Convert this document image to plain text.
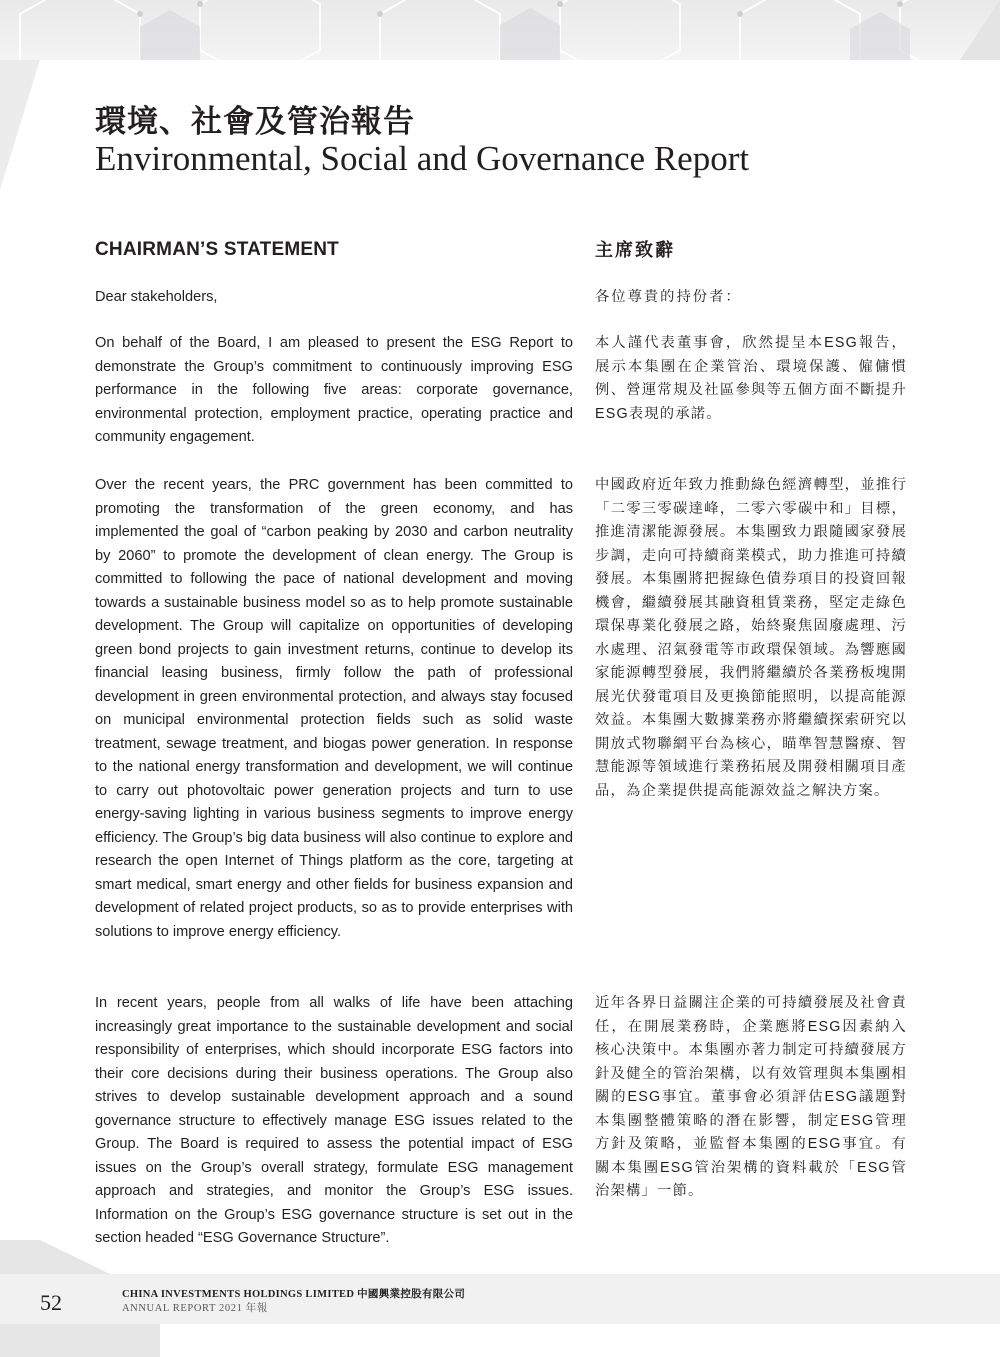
環境、社會及管治報告
Environmental, Social and Governance Report
CHAIRMAN’S STATEMENT

Dear stakeholders,

On behalf of the Board, I am pleased to present the ESG Report to demonstrate the Group’s commitment to continuously improving ESG performance in the following five areas: corporate governance, environmental protection, employment practice, operating practice and community engagement.

Over the recent years, the PRC government has been committed to promoting the transformation of the green economy, and has implemented the goal of “carbon peaking by 2030 and carbon neutrality by 2060” to promote the development of clean energy. The Group is committed to following the pace of national development and moving towards a sustainable business model so as to help promote sustainable development. The Group will capitalize on opportunities of developing green bond projects to gain investment returns, continue to develop its financial leasing business, firmly follow the path of professional development in green environmental protection, and always stay focused on municipal environmental protection fields such as solid waste treatment, sewage treatment, and biogas power generation. In response to the national energy transformation and development, we will continue to carry out photovoltaic power generation projects and turn to use energy-saving lighting in various business segments to improve energy efficiency. The Group’s big data business will also continue to explore and research the open Internet of Things platform as the core, targeting at smart medical, smart energy and other fields for business expansion and development of related project products, so as to provide enterprises with solutions to improve energy efficiency.

In recent years, people from all walks of life have been attaching increasingly great importance to the sustainable development and social responsibility of enterprises, which should incorporate ESG factors into their core decisions during their business operations. The Group also strives to develop sustainable development approach and a sound governance structure to effectively manage ESG issues related to the Group. The Board is required to assess the potential impact of ESG issues on the Group’s overall strategy, formulate ESG management approach and strategies, and monitor the Group’s ESG issues. Information on the Group’s ESG governance structure is set out in the section headed “ESG Governance Structure”.

主席致辭

各位尊貴的持份者：

本人謹代表董事會，欣然提呈本ESG報告，展示本集團在企業管治、環境保護、僱傭慣例、營運常規及社區參與等五個方面不斷提升ESG表現的承諾。

中國政府近年致力推動綠色經濟轉型，並推行「二零三零碳達峰，二零六零碳中和」目標，推進清潔能源發展。本集團致力跟隨國家發展步調，走向可持續商業模式，助力推進可持續發展。本集團將把握綠色債券項目的投資回報機會，繼續發展其融資租賃業務，堅定走綠色環保專業化發展之路，始終聚焦固廢處理、污水處理、沼氣發電等市政環保領域。為響應國家能源轉型發展，我們將繼續於各業務板塊開展光伏發電項目及更換節能照明，以提高能源效益。本集團大數據業務亦將繼續探索研究以開放式物聯網平台為核心，瞄準智慧醫療、智慧能源等領域進行業務拓展及開發相關項目產品，為企業提供提高能源效益之解決方案。

近年各界日益關注企業的可持續發展及社會責任，在開展業務時，企業應將ESG因素納入核心決策中。本集團亦著力制定可持續發展方針及健全的管治架構，以有效管理與本集團相關的ESG事宜。董事會必須評估ESG議題對本集團整體策略的潛在影響，制定ESG管理方針及策略，並監督本集團的ESG事宜。有關本集團ESG管治架構的資料載於「ESG管治架構」一節。

52	CHINA INVESTMENTS HOLDINGS LIMITED 中國興業控股有限公司
ANNUAL REPORT 2021 年報
